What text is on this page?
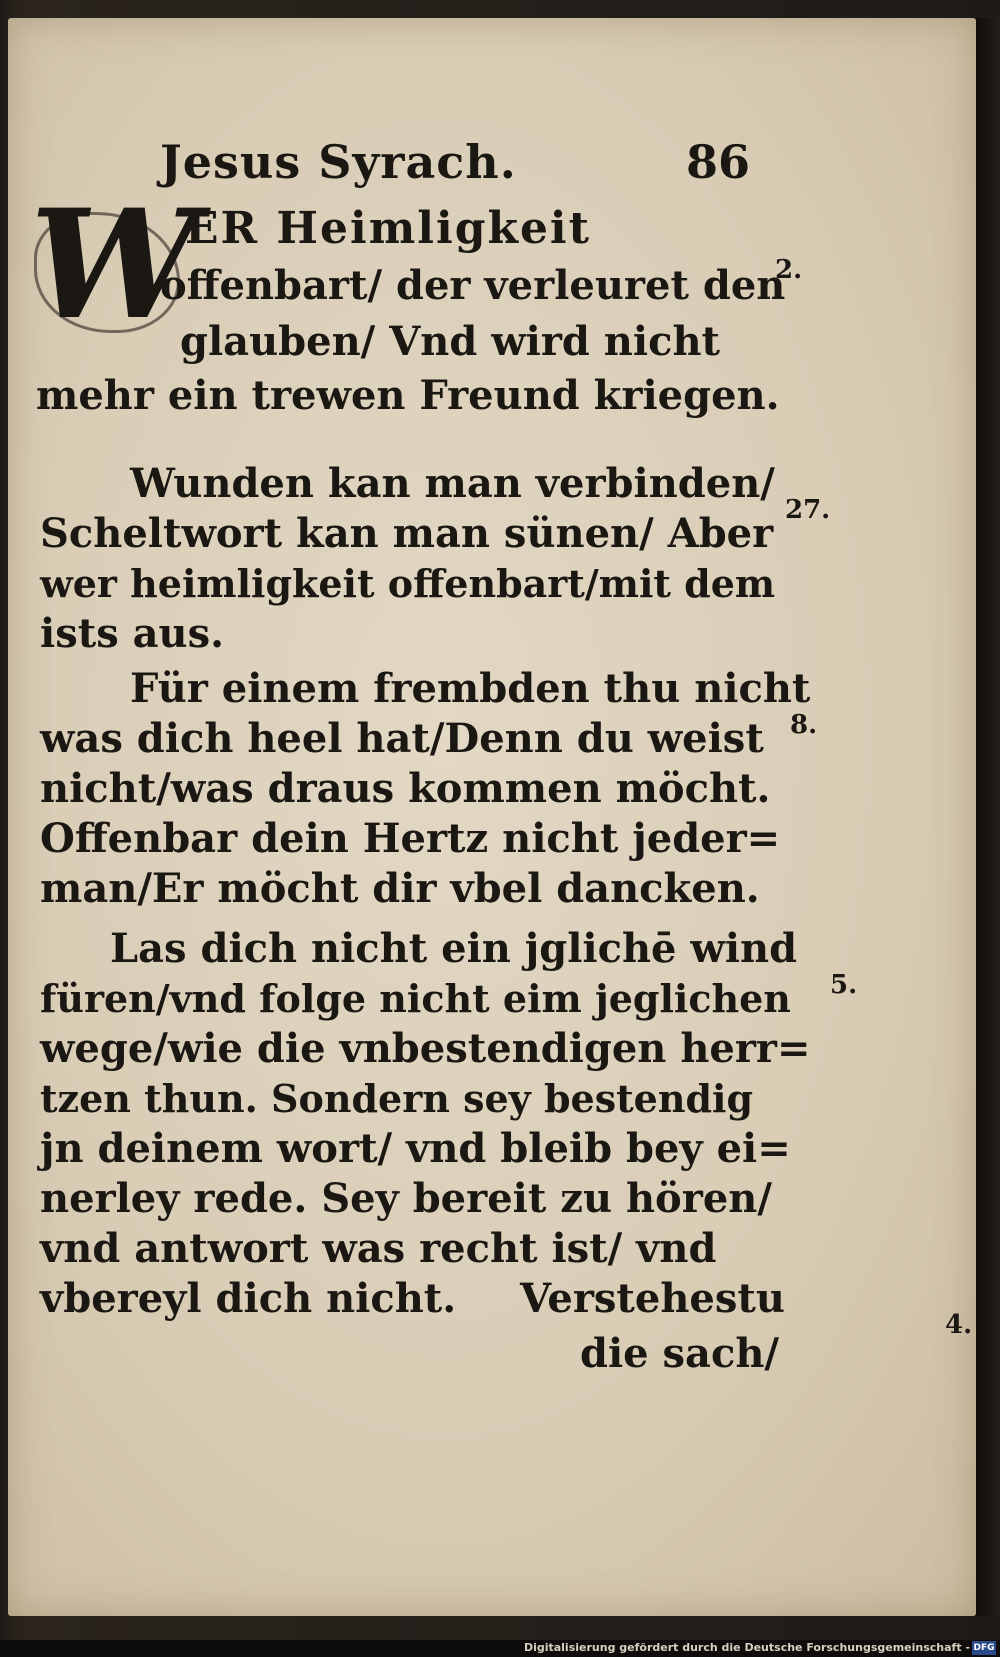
Jesus Syrach.	86
W
ER Heimligkeit
offenbart/ der verleuret den
glauben/ Vnd wird nicht
mehr ein trewen Freund kriegen.
Wunden kan man verbinden/
Scheltwort kan man sünen/ Aber
wer heimligkeit offenbart/mit dem
ists aus.
Für einem frembden thu nicht
was dich heel hat/Denn du weist
nicht/was draus kommen möcht.
Offenbar dein Hertz nicht jeder=
man/Er möcht dir vbel dancken.
Las dich nicht ein jglichē wind
füren/vnd folge nicht eim jeglichen
wege/wie die vnbestendigen herr=
tzen thun. Sondern sey bestendig
jn deinem wort/ vnd bleib bey ei=
nerley rede. Sey bereit zu hören/
vnd antwort was recht ist/ vnd
vbereyl dich nicht. Verstehestu
die sach/
2.
27.
8.
5.
4.
Digitalisierung gefördert durch die Deutsche Forschungsgemeinschaft - DFG
